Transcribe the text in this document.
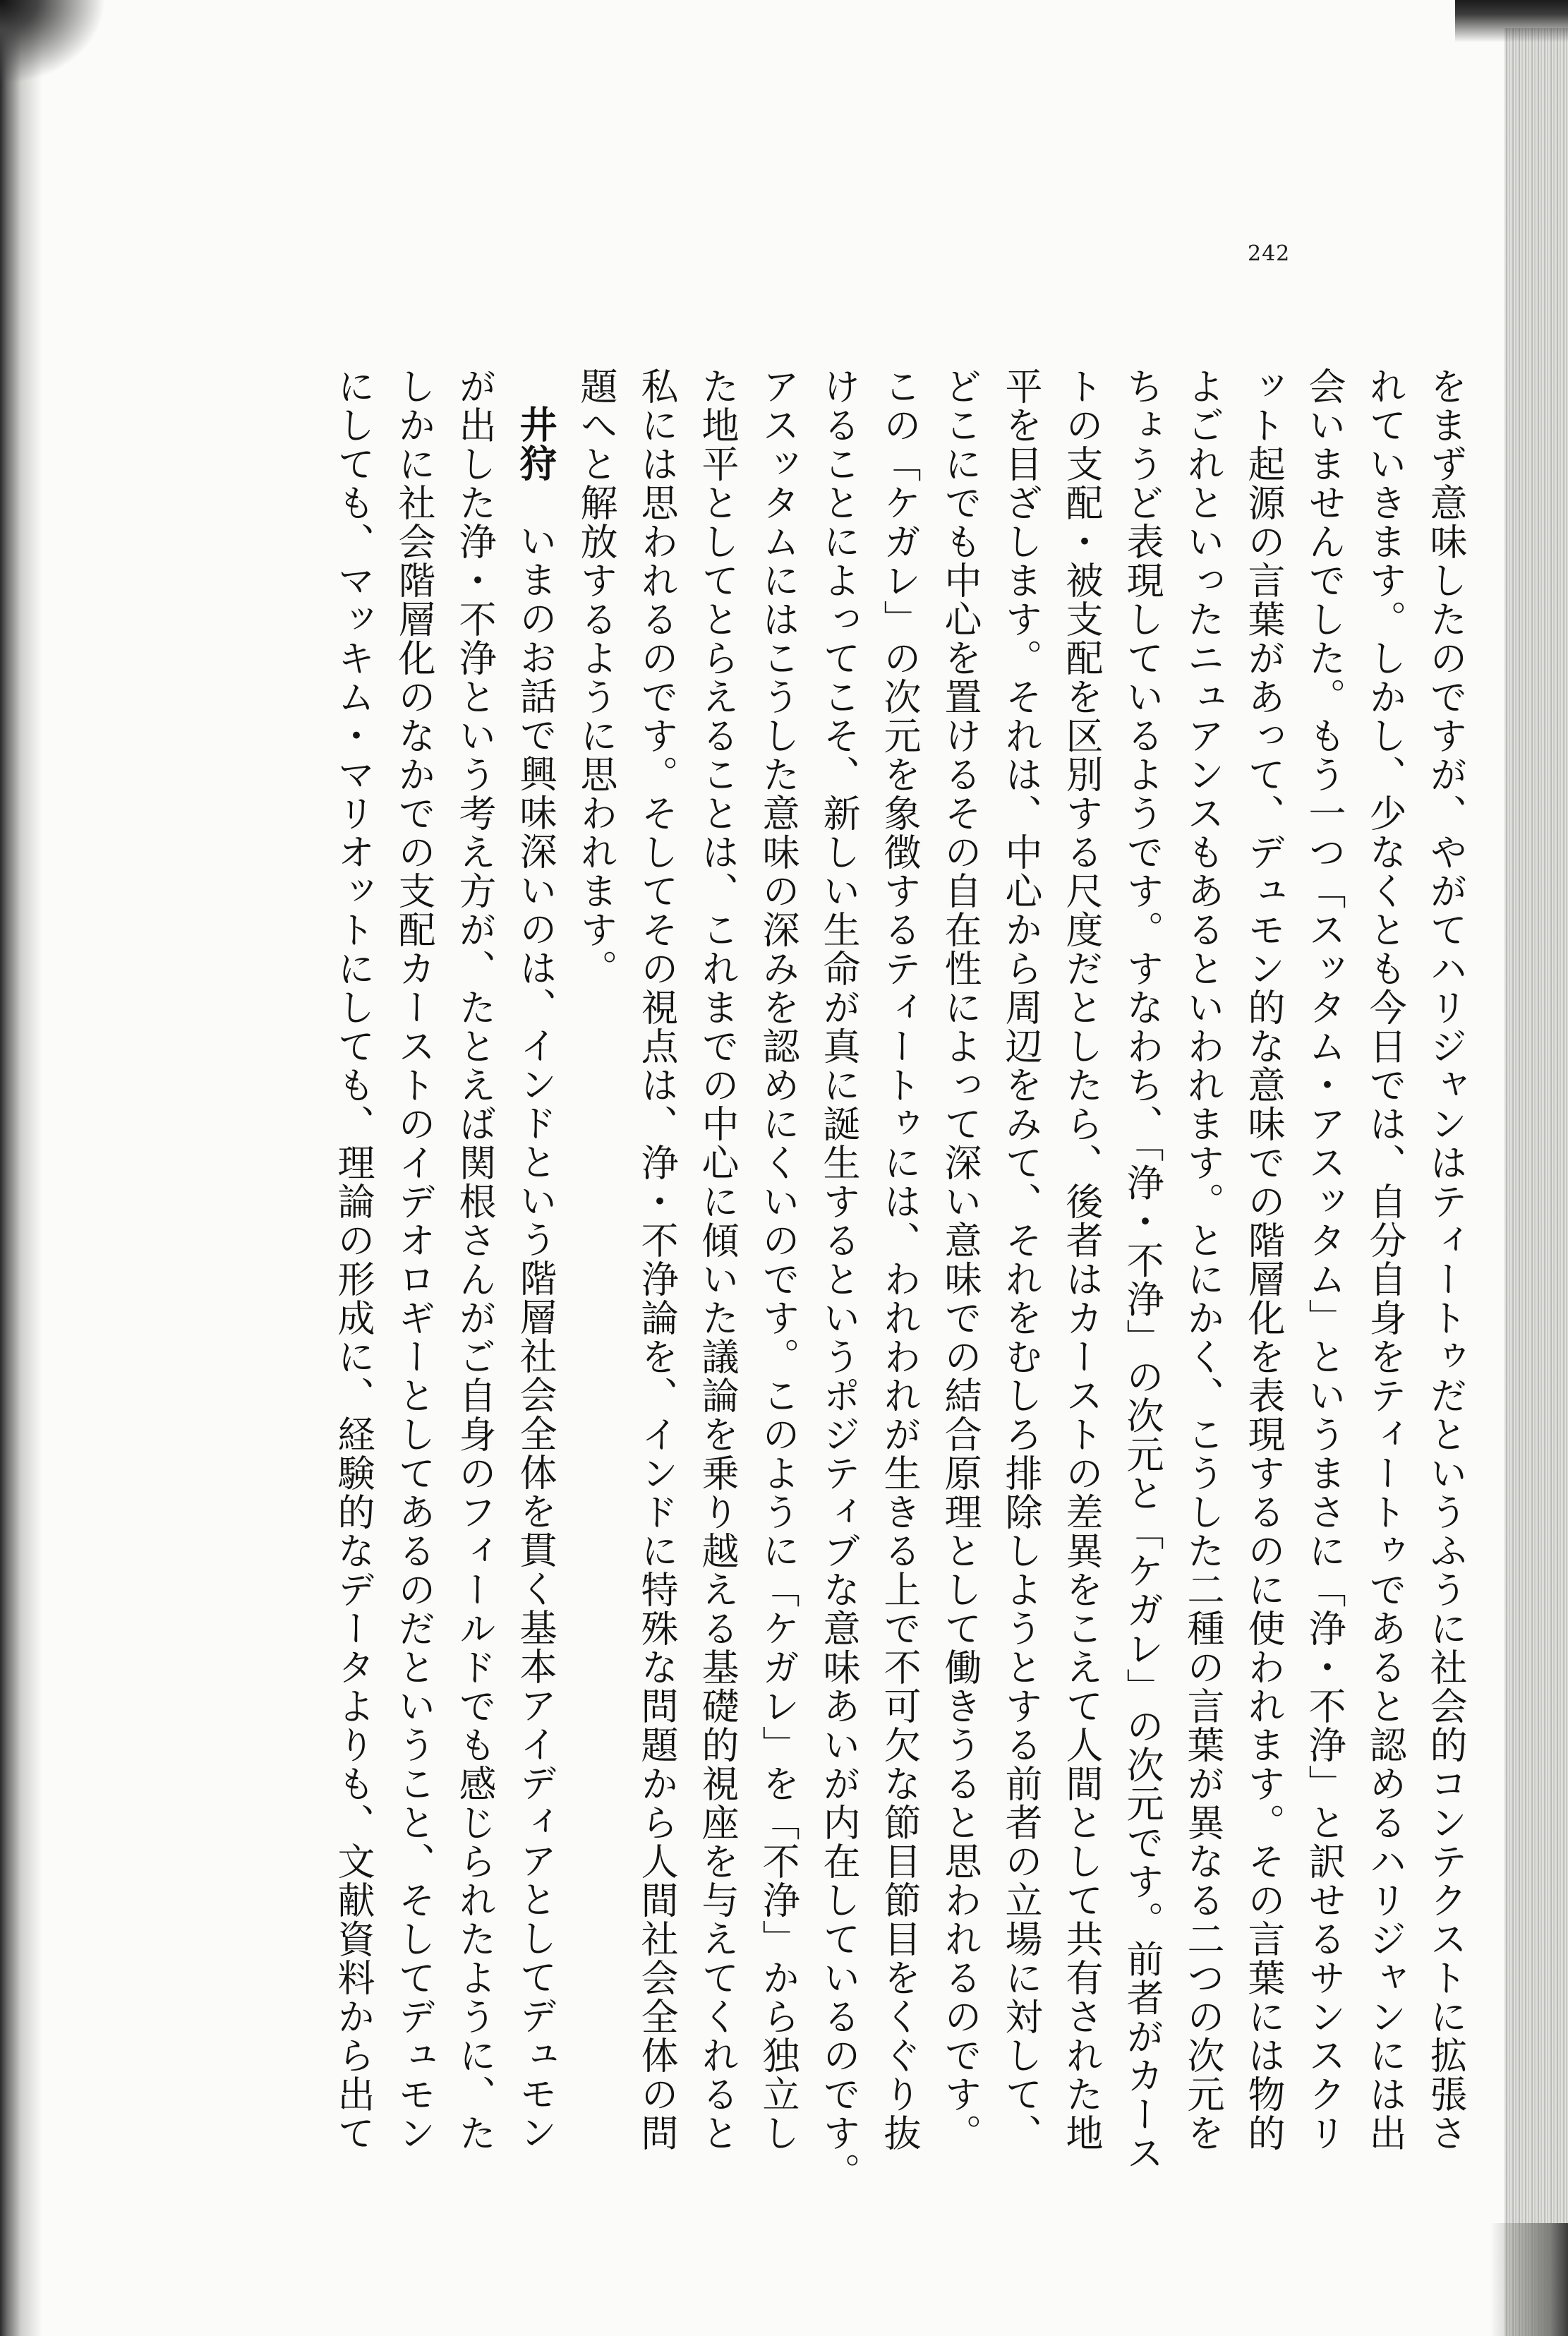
242
をまず意味したのですが、やがてハリジャンはティートゥだというふうに社会的コンテクストに拡張さ
れていきます。しかし、少なくとも今日では、自分自身をティートゥであると認めるハリジャンには出
会いませんでした。もう一つ「スッタム・アスッタム」というまさに「浄・不浄」と訳せるサンスクリ
ット起源の言葉があって、デュモン的な意味での階層化を表現するのに使われます。その言葉には物的
よごれといったニュアンスもあるといわれます。とにかく、こうした二種の言葉が異なる二つの次元を
ちょうど表現しているようです。すなわち、「浄・不浄」の次元と「ケガレ」の次元です。前者がカース
トの支配・被支配を区別する尺度だとしたら、後者はカーストの差異をこえて人間として共有された地
平を目ざします。それは、中心から周辺をみて、それをむしろ排除しようとする前者の立場に対して、
どこにでも中心を置けるその自在性によって深い意味での結合原理として働きうると思われるのです。
この「ケガレ」の次元を象徴するティートゥには、われわれが生きる上で不可欠な節目節目をくぐり抜
けることによってこそ、新しい生命が真に誕生するというポジティブな意味あいが内在しているのです。
アスッタムにはこうした意味の深みを認めにくいのです。このように「ケガレ」を「不浄」から独立し
た地平としてとらえることは、これまでの中心に傾いた議論を乗り越える基礎的視座を与えてくれると
私には思われるのです。そしてその視点は、浄・不浄論を、インドに特殊な問題から人間社会全体の問
題へと解放するように思われます。
井狩　いまのお話で興味深いのは、インドという階層社会全体を貫く基本アイディアとしてデュモン
が出した浄・不浄という考え方が、たとえば関根さんがご自身のフィールドでも感じられたように、た
しかに社会階層化のなかでの支配カーストのイデオロギーとしてあるのだということ、そしてデュモン
にしても、マッキム・マリオットにしても、理論の形成に、経験的なデータよりも、文献資料から出て
